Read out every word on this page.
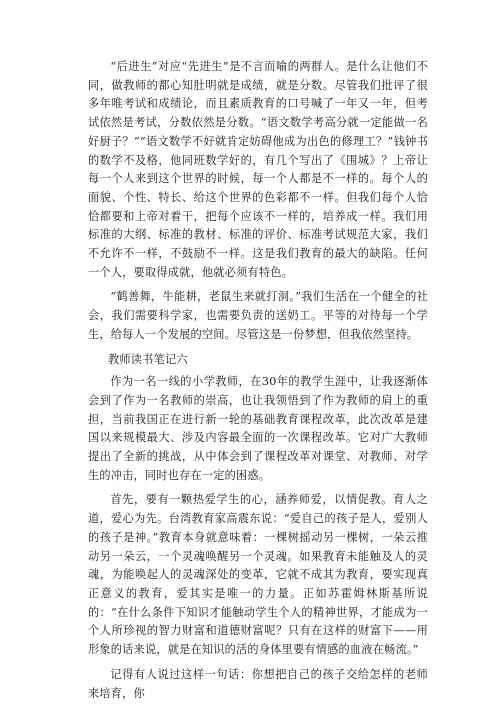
“后进生”对应“先进生”是不言而喻的两群人。是什么让他们不同，做教师的都心知肚明就是成绩，就是分数。尽管我们批评了很多年唯考试和成绩论，而且素质教育的口号喊了一年又一年，但考试依然是考试，分数依然是分数。“语文数学考高分就一定能做一名好厨子？”“语文数学不好就肯定妨碍他成为出色的修理工？”钱钟书的数学不及格，他同班数学好的，有几个写出了《围城》？上帝让每一个人来到这个世界的时候，每一个人都是不一样的。每个人的面貌、个性、特长、给这个世界的色彩都不一样。但我们每个人恰恰都要和上帝对着干，把每个应该不一样的，培养成一样。我们用标准的大纲、标准的教材、标准的评价、标准考试规范大家，我们不允许不一样，不鼓励不一样。这是我们教育的最大的缺陷。任何一个人，要取得成就，他就必须有特色。

“鹤善舞，牛能耕，老鼠生来就打洞。”我们生活在一个健全的社会，我们需要科学家，也需要负责的送奶工。平等的对待每一个学生，给每人一个发展的空间。尽管这是一份梦想，但我依然坚持。

教师读书笔记六

作为一名一线的小学教师，在30年的教学生涯中，让我逐渐体会到了作为一名教师的崇高，也让我领悟到了作为教师的肩上的重担，当前我国正在进行新一轮的基础教育课程改革，此次改革是建国以来规模最大、涉及内容最全面的一次课程改革。它对广大教师提出了全新的挑战，从中体会到了课程改革对课堂、对教师、对学生的冲击，同时也存在一定的困惑。

首先，要有一颗热爱学生的心，涵养师爱，以情促教。育人之道，爱心为先。台湾教育家高震东说：“爱自己的孩子是人，爱别人的孩子是神。”教育本身就意味着：一棵树摇动另一棵树，一朵云推动另一朵云，一个灵魂唤醒另一个灵魂。如果教育未能触及人的灵魂，为能唤起人的灵魂深处的变革，它就不成其为教育，要实现真正意义的教育，爱其实是唯一的力量。正如苏霍姆林斯基所说的：“在什么条件下知识才能触动学生个人的精神世界，才能成为一个人所珍视的智力财富和道德财富呢？只有在这样的财富下——用形象的话来说，就是在知识的活的身体里要有情感的血液在畅流。”

记得有人说过这样一句话：你想把自己的孩子交给怎样的老师来培育，你
